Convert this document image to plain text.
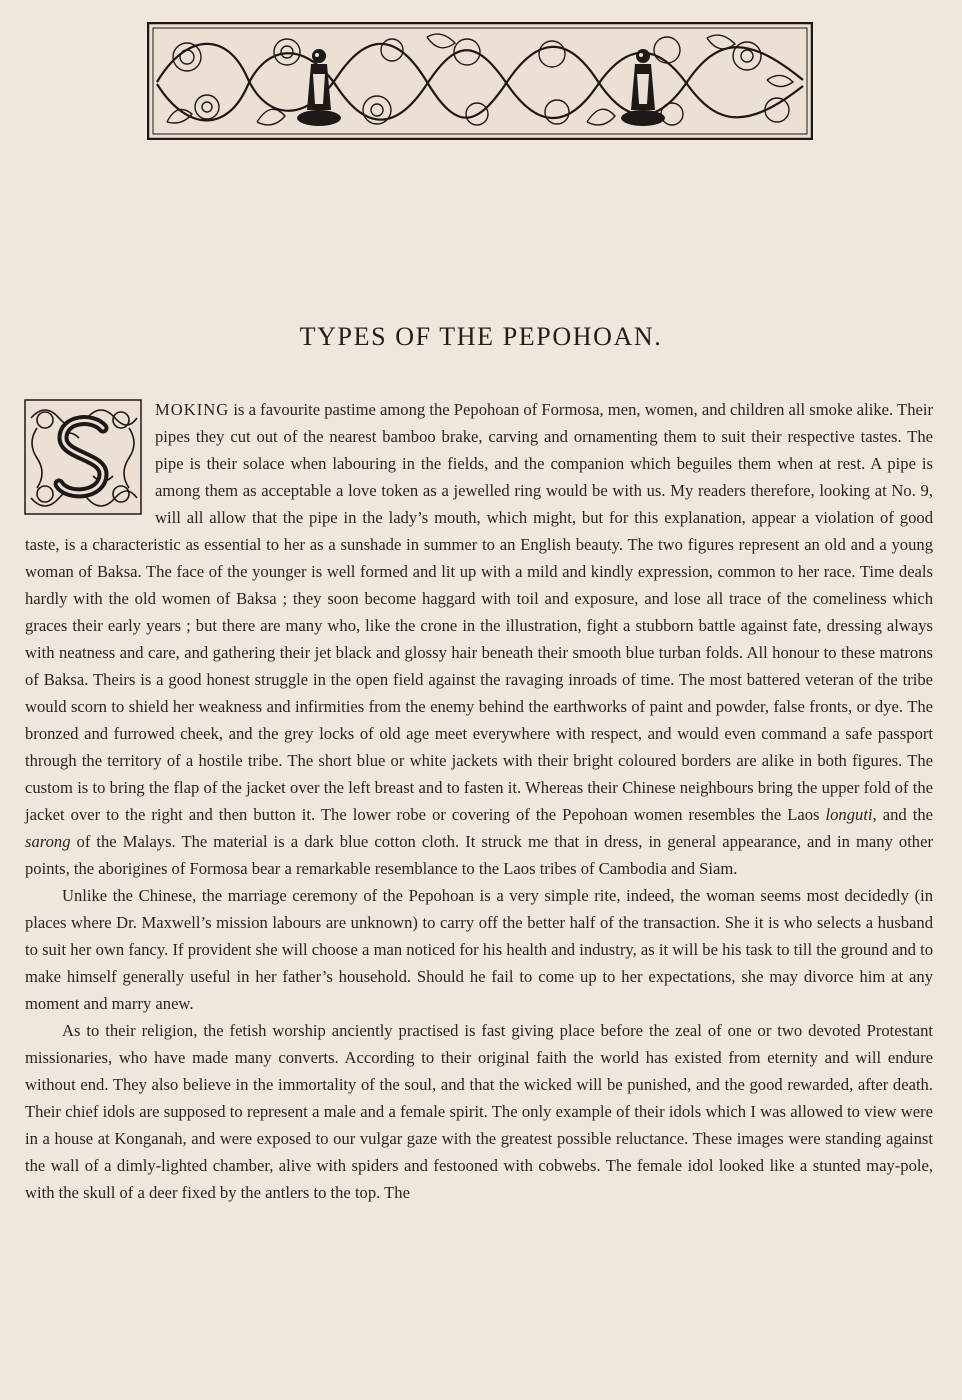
TYPES OF THE PEPOHOAN.

MOKING is a favourite pastime among the Pepohoan of Formosa, men, women, and children all smoke alike. Their pipes they cut out of the nearest bamboo brake, carving and ornamenting them to suit their respective tastes. The pipe is their solace when labouring in the fields, and the companion which beguiles them when at rest. A pipe is among them as acceptable a love token as a jewelled ring would be with us. My readers therefore, looking at No. 9, will all allow that the pipe in the lady’s mouth, which might, but for this explanation, appear a violation of good taste, is a characteristic as essential to her as a sunshade in summer to an English beauty. The two figures represent an old and a young woman of Baksa. The face of the younger is well formed and lit up with a mild and kindly expression, common to her race. Time deals hardly with the old women of Baksa ; they soon become haggard with toil and exposure, and lose all trace of the comeliness which graces their early years ; but there are many who, like the crone in the illustration, fight a stubborn battle against fate, dressing always with neatness and care, and gathering their jet black and glossy hair beneath their smooth blue turban folds. All honour to these matrons of Baksa. Theirs is a good honest struggle in the open field against the ravaging inroads of time. The most battered veteran of the tribe would scorn to shield her weakness and infirmities from the enemy behind the earthworks of paint and powder, false fronts, or dye. The bronzed and furrowed cheek, and the grey locks of old age meet everywhere with respect, and would even command a safe passport through the territory of a hostile tribe. The short blue or white jackets with their bright coloured borders are alike in both figures. The custom is to bring the flap of the jacket over the left breast and to fasten it. Whereas their Chinese neighbours bring the upper fold of the jacket over to the right and then button it. The lower robe or covering of the Pepohoan women resembles the Laos longuti, and the sarong of the Malays. The material is a dark blue cotton cloth. It struck me that in dress, in general appearance, and in many other points, the aborigines of Formosa bear a remarkable resemblance to the Laos tribes of Cambodia and Siam.

Unlike the Chinese, the marriage ceremony of the Pepohoan is a very simple rite, indeed, the woman seems most decidedly (in places where Dr. Maxwell’s mission labours are unknown) to carry off the better half of the transaction. She it is who selects a husband to suit her own fancy. If provident she will choose a man noticed for his health and industry, as it will be his task to till the ground and to make himself generally useful in her father’s household. Should he fail to come up to her expectations, she may divorce him at any moment and marry anew.

As to their religion, the fetish worship anciently practised is fast giving place before the zeal of one or two devoted Protestant missionaries, who have made many converts. According to their original faith the world has existed from eternity and will endure without end. They also believe in the immortality of the soul, and that the wicked will be punished, and the good rewarded, after death. Their chief idols are supposed to represent a male and a female spirit. The only example of their idols which I was allowed to view were in a house at Konganah, and were exposed to our vulgar gaze with the greatest possible reluctance. These images were standing against the wall of a dimly-lighted chamber, alive with spiders and festooned with cobwebs. The female idol looked like a stunted may-pole, with the skull of a deer fixed by the antlers to the top. The
